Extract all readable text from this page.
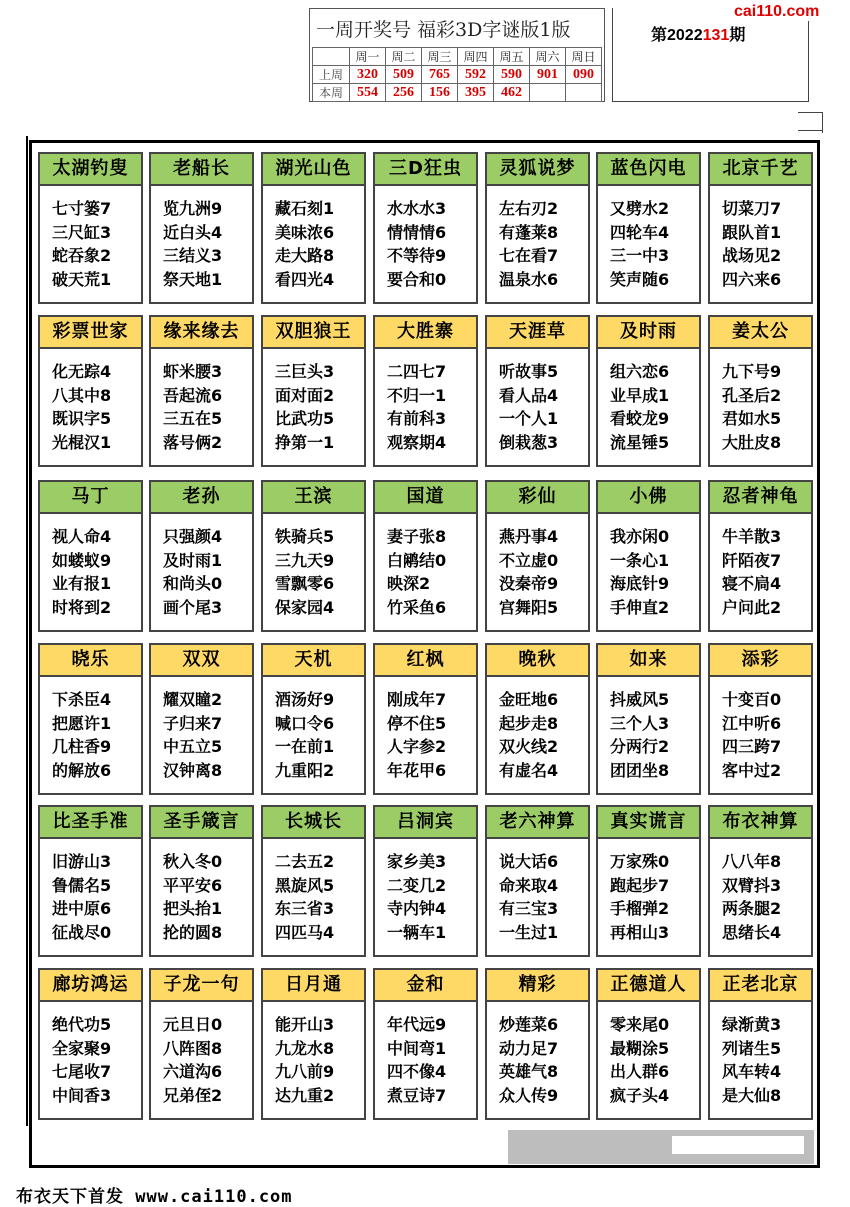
一周开奖号 福彩3D字谜版1版
	周一	周二	周三	周四	周五	周六	周日
上周	320	509	765	592	590	901	090
本周	554	256	156	395	462		
第2022131期
cai110.com
太湖钓叟
七寸篓7
三尺缸3
蛇吞象2
破天荒1
老船长
览九洲9
近白头4
三结义3
祭天地1
湖光山色
藏石刻1
美味浓6
走大路8
看四光4
三D狂虫
水水水3
情情情6
不等待9
要合和0
灵狐说梦
左右刃2
有蓬莱8
七在看7
温泉水6
蓝色闪电
又劈水2
四轮车4
三一中3
笑声随6
北京千艺
切菜刀7
跟队首1
战场见2
四六来6
彩票世家
化无踪4
八其中8
既识字5
光棍汉1
缘来缘去
虾米腰3
吾起流6
三五在5
落号俩2
双胆狼王
三巨头3
面对面2
比武功5
挣第一1
大胜寨
二四七7
不归一1
有前科3
观察期4
天涯草
听故事5
看人品4
一个人1
倒栽葱3
及时雨
组六恋6
业早成1
看蛟龙9
流星锤5
姜太公
九下号9
孔圣后2
君如水5
大肚皮8
马丁
视人命4
如蝼蚁9
业有报1
时将到2
老孙
只强颜4
及时雨1
和尚头0
画个尾3
王滨
铁骑兵5
三九天9
雪飘零6
保家园4
国道
妻子张8
白鹇结0
映深2
竹采鱼6
彩仙
燕丹事4
不立虚0
没秦帝9
宫舞阳5
小佛
我亦闲0
一条心1
海底针9
手伸直2
忍者神龟
牛羊散3
阡陌夜7
寝不扃4
户问此2
晓乐
下杀臣4
把愿许1
几柱香9
的解放6
双双
耀双瞳2
子归来7
中五立5
汉钟离8
天机
酒汤好9
喊口令6
一在前1
九重阳2
红枫
刚成年7
停不住5
人字参2
年花甲6
晚秋
金旺地6
起步走8
双火线2
有虚名4
如来
抖威风5
三个人3
分两行2
团团坐8
添彩
十变百0
江中听6
四三跨7
客中过2
比圣手准
旧游山3
鲁儒名5
进中原6
征战尽0
圣手箴言
秋入冬0
平平安6
把头抬1
抡的圆8
长城长
二去五2
黑旋风5
东三省3
四匹马4
吕洞宾
家乡美3
二变几2
寺内钟4
一辆车1
老六神算
说大话6
命来取4
有三宝3
一生过1
真实谎言
万家殊0
跑起步7
手榴弹2
再相山3
布衣神算
八八年8
双臂抖3
两条腿2
思绪长4
廊坊鸿运
绝代功5
全家聚9
七尾收7
中间香3
子龙一句
元旦日0
八阵图8
六道沟6
兄弟侄2
日月通
能开山3
九龙水8
九八前9
达九重2
金和
年代远9
中间弯1
四不像4
煮豆诗7
精彩
炒莲菜6
动力足7
英雄气8
众人传9
正德道人
零来尾0
最糊涂5
出人群6
疯子头4
正老北京
绿渐黄3
列诸生5
风车转4
是大仙8
布衣天下首发 www.cai110.com
